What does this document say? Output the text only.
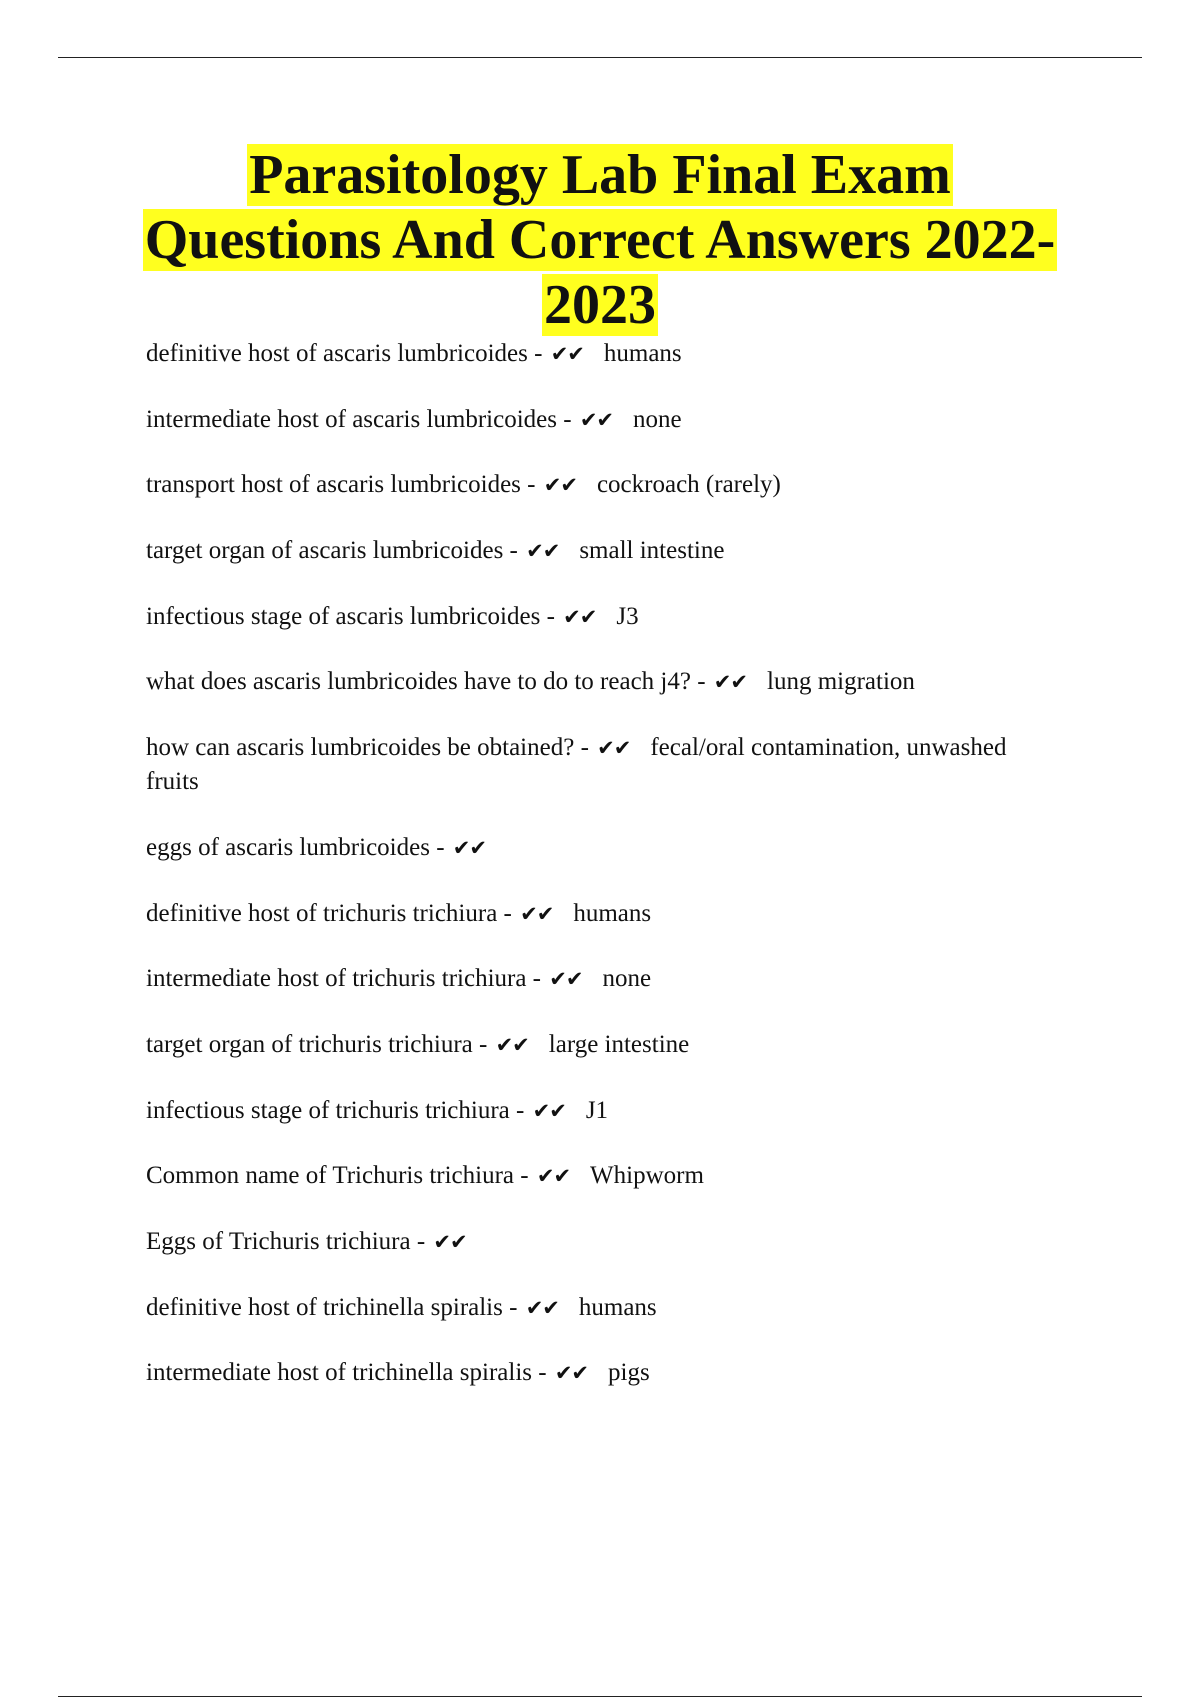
Parasitology Lab Final Exam
Questions And Correct Answers 2022-
2023
definitive host of ascaris lumbricoides - ✔✔ humans
intermediate host of ascaris lumbricoides - ✔✔ none
transport host of ascaris lumbricoides - ✔✔ cockroach (rarely)
target organ of ascaris lumbricoides - ✔✔ small intestine
infectious stage of ascaris lumbricoides - ✔✔ J3
what does ascaris lumbricoides have to do to reach j4? - ✔✔ lung migration
how can ascaris lumbricoides be obtained? - ✔✔ fecal/oral contamination, unwashed fruits
eggs of ascaris lumbricoides - ✔✔
definitive host of trichuris trichiura - ✔✔ humans
intermediate host of trichuris trichiura - ✔✔ none
target organ of trichuris trichiura - ✔✔ large intestine
infectious stage of trichuris trichiura - ✔✔ J1
Common name of Trichuris trichiura - ✔✔ Whipworm
Eggs of Trichuris trichiura - ✔✔
definitive host of trichinella spiralis - ✔✔ humans
intermediate host of trichinella spiralis - ✔✔ pigs
